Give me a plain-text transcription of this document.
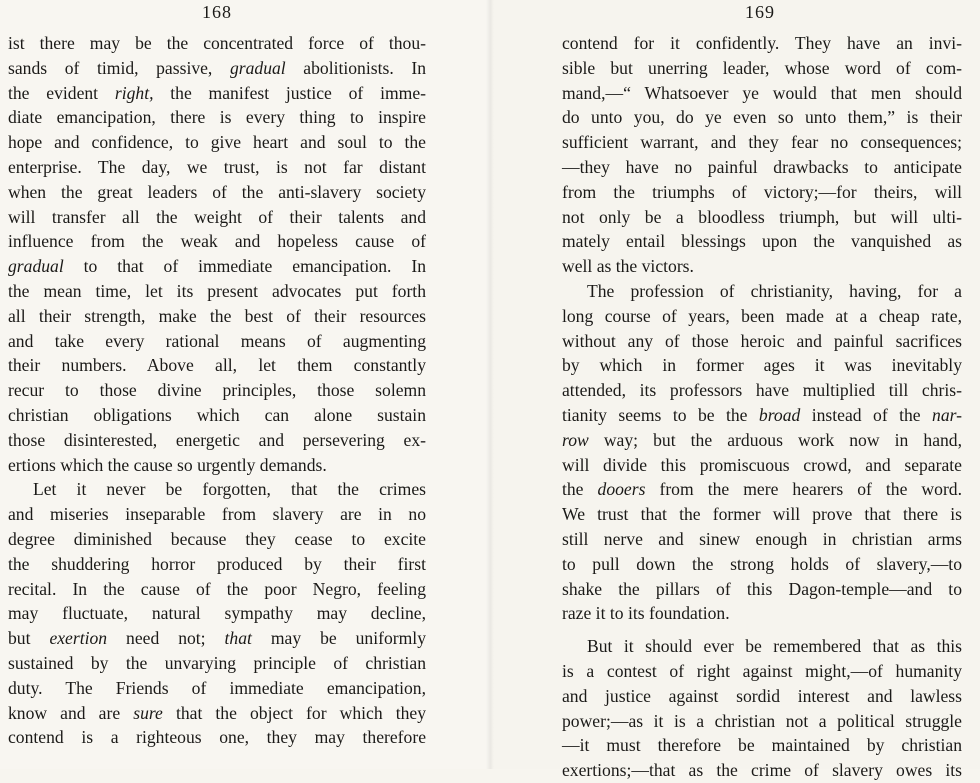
168
ist there may be the concentrated force of thou-
sands of timid, passive, gradual abolitionists. In
the evident right, the manifest justice of imme-
diate emancipation, there is every thing to inspire
hope and confidence, to give heart and soul to the
enterprise. The day, we trust, is not far distant
when the great leaders of the anti-slavery society
will transfer all the weight of their talents and
influence from the weak and hopeless cause of
gradual to that of immediate emancipation. In
the mean time, let its present advocates put forth
all their strength, make the best of their resources
and take every rational means of augmenting
their numbers. Above all, let them constantly
recur to those divine principles, those solemn
christian obligations which can alone sustain
those disinterested, energetic and persevering ex-
ertions which the cause so urgently demands.
Let it never be forgotten, that the crimes
and miseries inseparable from slavery are in no
degree diminished because they cease to excite
the shuddering horror produced by their first
recital. In the cause of the poor Negro, feeling
may fluctuate, natural sympathy may decline,
but exertion need not; that may be uniformly
sustained by the unvarying principle of christian
duty. The Friends of immediate emancipation,
know and are sure that the object for which they
contend is a righteous one, they may therefore
169
contend for it confidently. They have an invi-
sible but unerring leader, whose word of com-
mand,—“ Whatsoever ye would that men should
do unto you, do ye even so unto them,” is their
sufficient warrant, and they fear no consequences;
—they have no painful drawbacks to anticipate
from the triumphs of victory;—for theirs, will
not only be a bloodless triumph, but will ulti-
mately entail blessings upon the vanquished as
well as the victors.
The profession of christianity, having, for a
long course of years, been made at a cheap rate,
without any of those heroic and painful sacrifices
by which in former ages it was inevitably
attended, its professors have multiplied till chris-
tianity seems to be the broad instead of the nar-
row way; but the arduous work now in hand,
will divide this promiscuous crowd, and separate
the dooers from the mere hearers of the word.
We trust that the former will prove that there is
still nerve and sinew enough in christian arms
to pull down the strong holds of slavery,—to
shake the pillars of this Dagon-temple—and to
raze it to its foundation.
But it should ever be remembered that as this
is a contest of right against might,—of humanity
and justice against sordid interest and lawless
power;—as it is a christian not a political struggle
—it must therefore be maintained by christian
exertions;—that as the crime of slavery owes its
